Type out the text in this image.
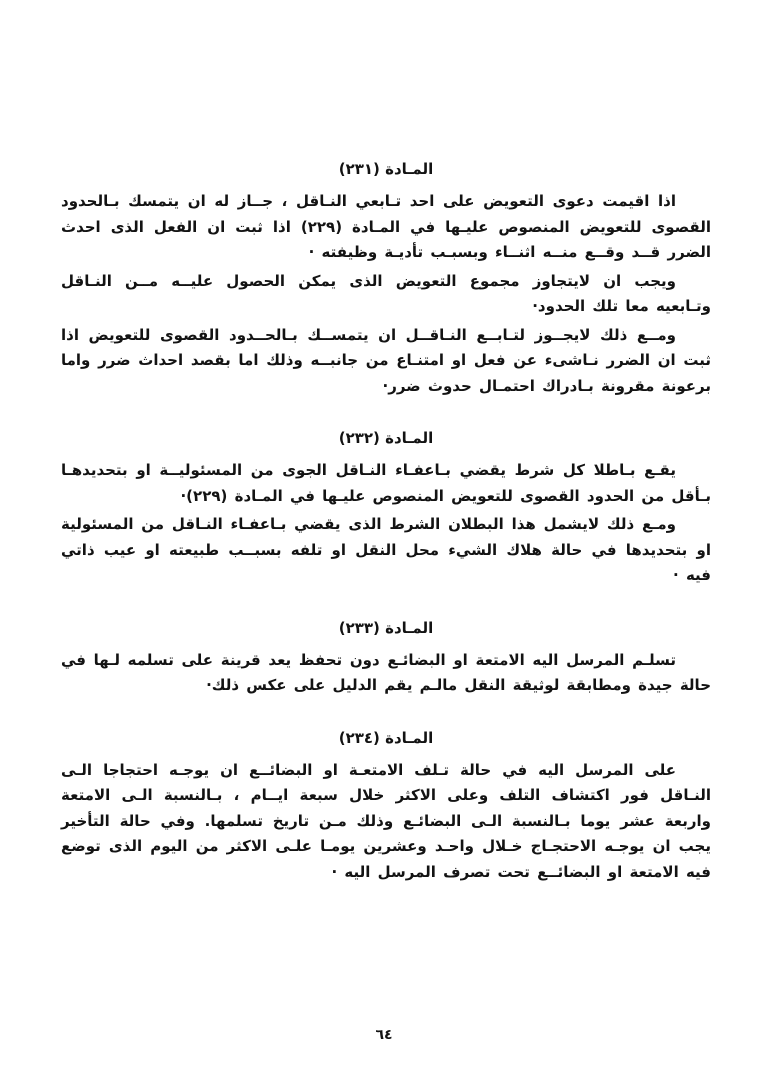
المـادة (٢٣١)

اذا اقيمت دعوى التعويض على احد تـابعي النـاقل ، جــاز له ان يتمسك بـالحدود القصوى للتعويض المنصوص عليـها في المـادة (٢٢٩) اذا ثبت ان الفعل الذى احدث الضرر قــد وقــع منــه اثنــاء وبسبـب تأديـة وظيفته ·

ويجب ان لايتجاوز مجموع التعويض الذى يمكن الحصول عليــه مــن النـاقل وتـابعيه معا تلك الحدود·

ومــع ذلك لايجــوز لتـابــع النـاقــل ان يتمســك بـالحــدود القصوى للتعويض اذا ثبت ان الضرر نـاشىء عن فعل او امتنـاع من جانبــه وذلك اما بقصد احداث ضرر واما برعونة مقرونة بـادراك احتمـال حدوث ضرر·

المـادة (٢٣٢)

يقـع بـاطلا كل شرط يقضي بـاعفـاء النـاقل الجوى من المسئوليــة او بتحديدهـا بـأقل من الحدود القصوى للتعويض المنصوص عليـها في المـادة (٢٢٩)·

ومـع ذلك لايشمل هذا البطلان الشرط الذى يقضي بـاعفـاء النـاقل من المسئولية او بتحديدها في حالة هلاك الشيء محل النقل او تلفه بسبــب طبيعته او عيب ذاتي فيه ·

المـادة (٢٣٣)

تسلـم المرسل اليه الامتعة او البضائـع دون تحفظ يعد قرينة على تسلمه لـها في حالة جيدة ومطابقة لوثيقة النقل مالـم يقم الدليل على عكس ذلك·

المـادة (٢٣٤)

على المرسل اليه في حالة تـلف الامتعـة او البضائــع ان يوجـه احتجاجا الـى النـاقل فور اكتشاف التلف وعلى الاكثر خلال سبعة ايــام ، بـالنسبة الـى الامتعة واربعة عشر يوما بـالنسبة الـى البضائـع وذلك مـن تاريخ تسلمها. وفي حالة التأخير يجب ان يوجـه الاحتجـاج خـلال واحـد وعشرين يومـا علـى الاكثر من اليوم الذى توضع فيه الامتعة او البضائــع تحت تصرف المرسل اليه ·

٦٤
